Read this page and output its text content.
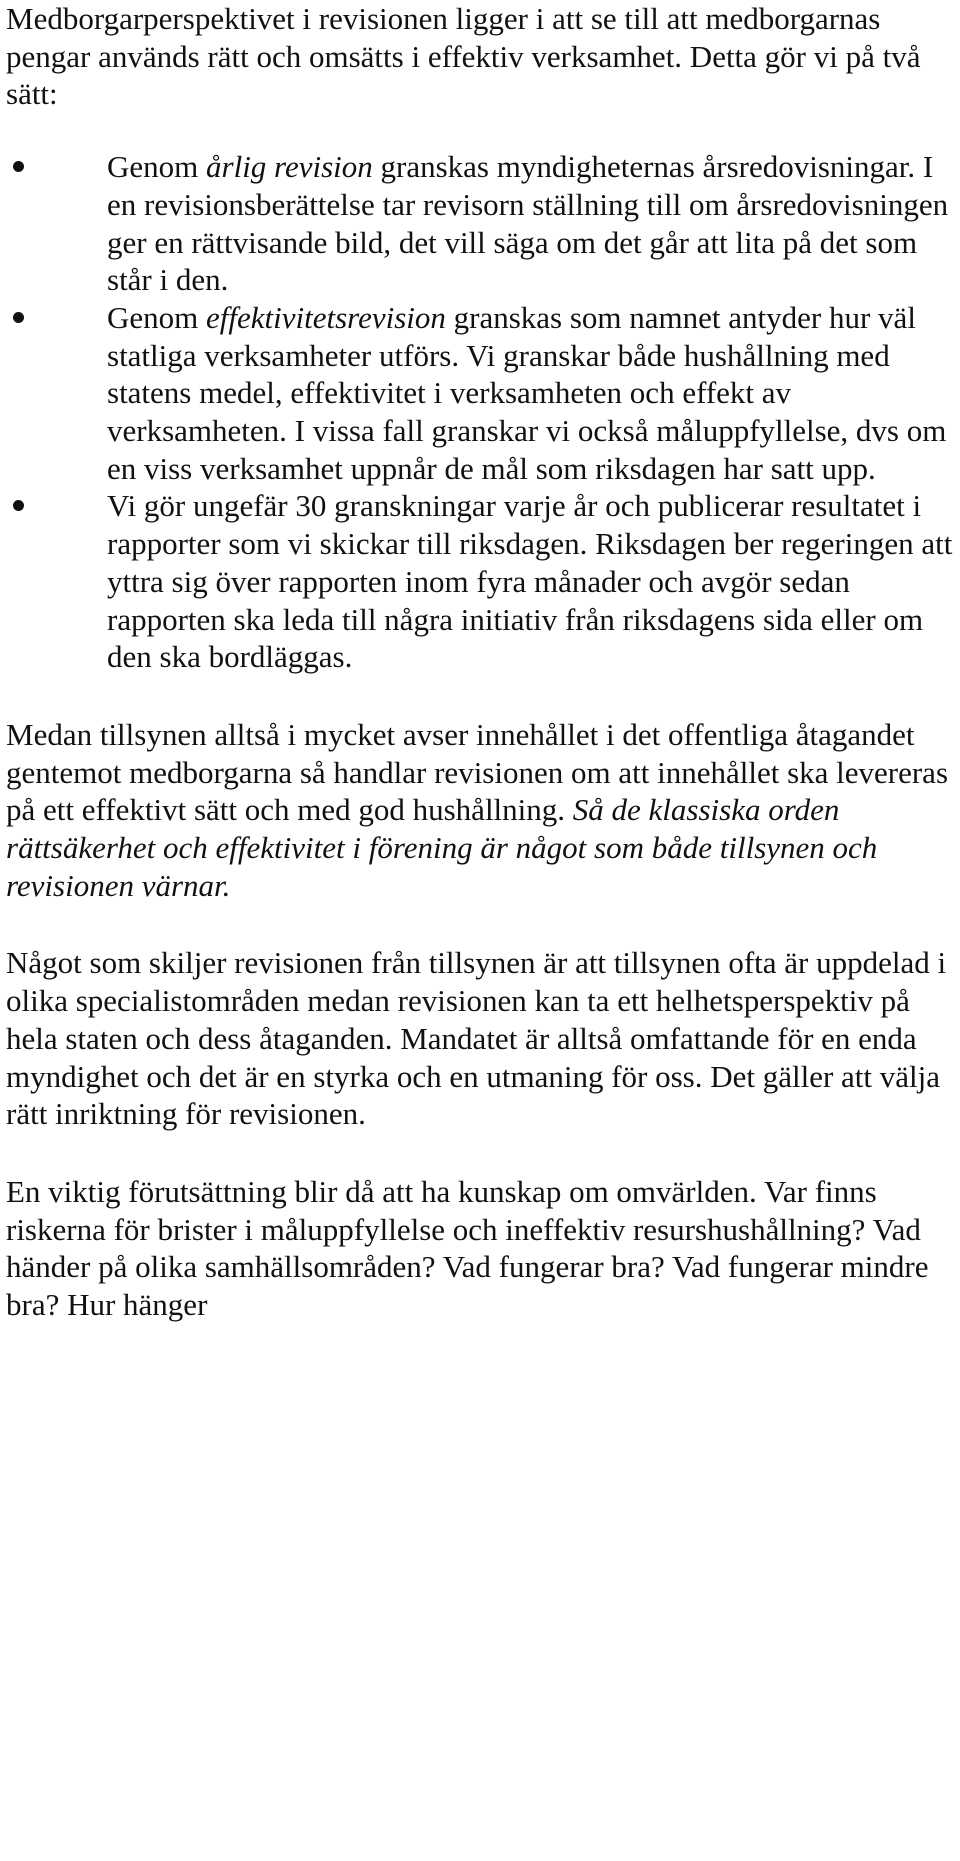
Medborgarperspektivet i revisionen ligger i att se till att medborgarnas pengar används rätt och omsätts i effektiv verksamhet. Detta gör vi på två sätt:

Genom årlig revision granskas myndigheternas årsredovisningar. I en revisionsberättelse tar revisorn ställning till om årsredovisningen ger en rättvisande bild, det vill säga om det går att lita på det som står i den.
Genom effektivitetsrevision granskas som namnet antyder hur väl statliga verksamheter utförs. Vi granskar både hushållning med statens medel, effektivitet i verksamheten och effekt av verksamheten. I vissa fall granskar vi också måluppfyllelse, dvs om en viss verksamhet uppnår de mål som riksdagen har satt upp.
Vi gör ungefär 30 granskningar varje år och publicerar resultatet i rapporter som vi skickar till riksdagen. Riksdagen ber regeringen att yttra sig över rapporten inom fyra månader och avgör sedan rapporten ska leda till några initiativ från riksdagens sida eller om den ska bordläggas.

Medan tillsynen alltså i mycket avser innehållet i det offentliga åtagandet gentemot medborgarna så handlar revisionen om att innehållet ska levereras på ett effektivt sätt och med god hushållning. Så de klassiska orden rättsäkerhet och effektivitet i förening är något som både tillsynen och revisionen värnar.

Något som skiljer revisionen från tillsynen är att tillsynen ofta är uppdelad i olika specialistområden medan revisionen kan ta ett helhetsperspektiv på hela staten och dess åtaganden. Mandatet är alltså omfattande för en enda myndighet och det är en styrka och en utmaning för oss. Det gäller att välja rätt inriktning för revisionen.

En viktig förutsättning blir då att ha kunskap om omvärlden. Var finns riskerna för brister i måluppfyllelse och ineffektiv resurshushållning? Vad händer på olika samhällsområden? Vad fungerar bra? Vad fungerar mindre bra? Hur hänger
